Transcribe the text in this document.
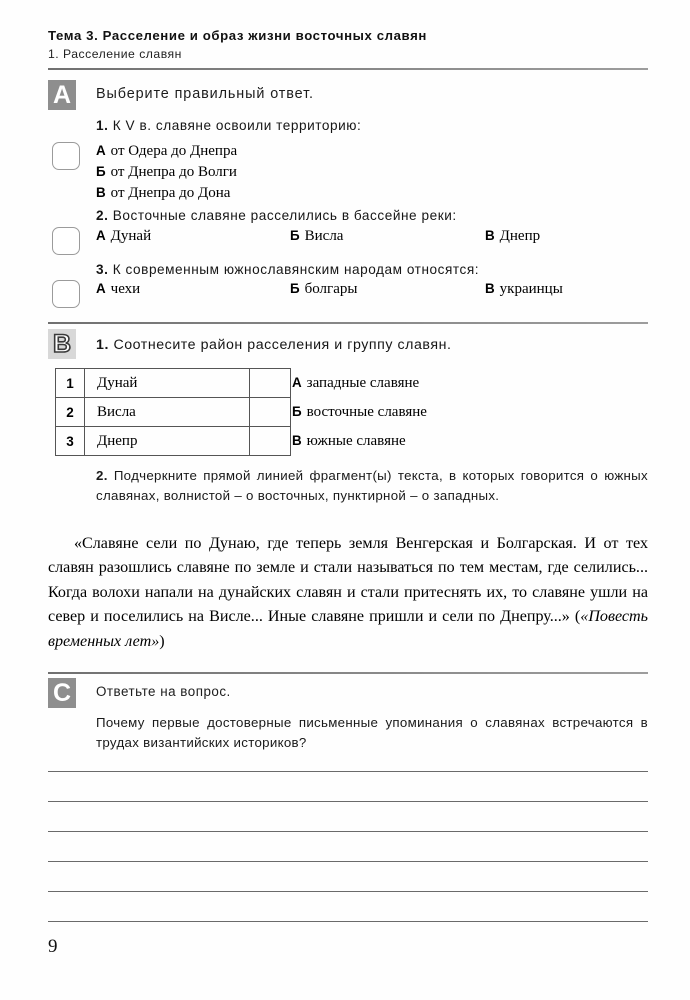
Тема 3. Расселение и образ жизни восточных славян
1. Расселение славян
A	Выберите правильный ответ.
1. К V в. славяне освоили территорию:
А от Одера до Днепра
Б от Днепра до Волги
В от Днепра до Дона
2. Восточные славяне расселились в бассейне реки:
А Дунай	Б Висла	В Днепр
3. К современным южнославянским народам относятся:
А чехи	Б болгары	В украинцы
B	1. Соотнесите район расселения и группу славян.
1	Дунай	
2	Висла	
3	Днепр	
А западные славяне
Б восточные славяне
В южные славяне
2. Подчеркните прямой линией фрагмент(ы) текста, в которых говорится о южных славянах, волнистой – о восточных, пунктирной – о западных.
«Славяне сели по Дунаю, где теперь земля Венгерская и Болгарская. И от тех славян разошлись славяне по земле и стали называться по тем местам, где селились... Когда волохи напали на дунайских славян и стали притеснять их, то славяне ушли на север и поселились на Висле... Иные славяне пришли и сели по Днепру...» («Повесть временных лет»)
C	Ответьте на вопрос.
Почему первые достоверные письменные упоминания о славянах встречаются в трудах византийских историков?
9
